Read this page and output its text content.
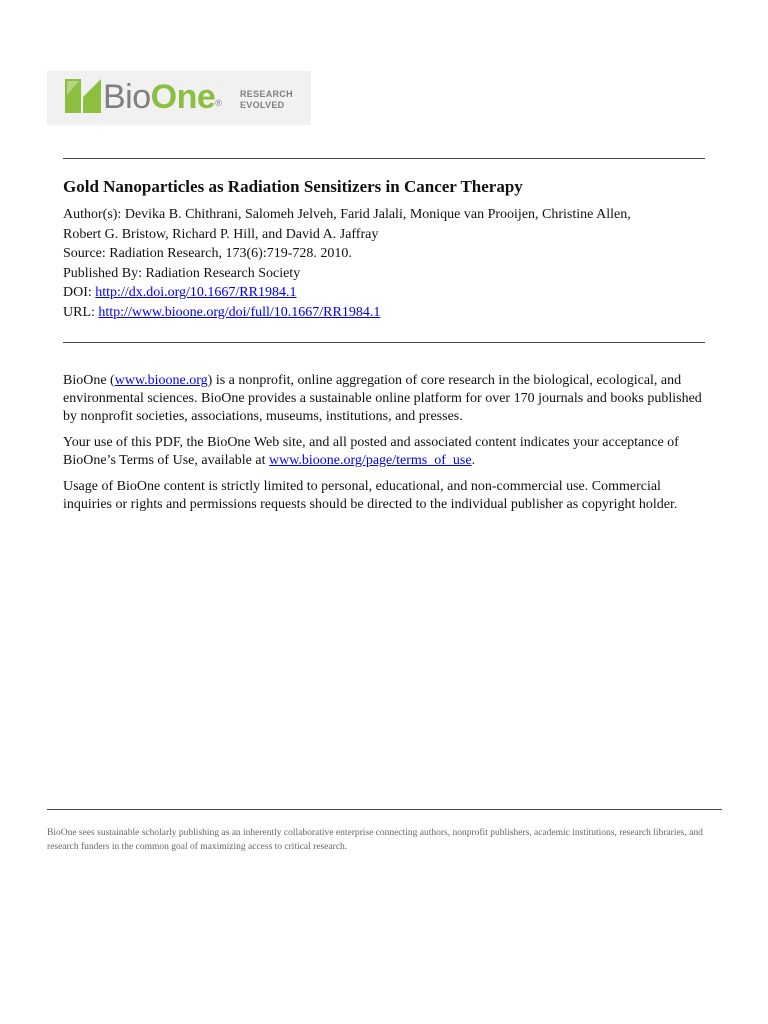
BioOne®
RESEARCH
EVOLVED
Gold Nanoparticles as Radiation Sensitizers in Cancer Therapy
Author(s): Devika B. Chithrani, Salomeh Jelveh, Farid Jalali, Monique van Prooijen, Christine Allen,
Robert G. Bristow, Richard P. Hill, and David A. Jaffray
Source: Radiation Research, 173(6):719-728. 2010.
Published By: Radiation Research Society
DOI: http://dx.doi.org/10.1667/RR1984.1
URL: http://www.bioone.org/doi/full/10.1667/RR1984.1

BioOne (www.bioone.org) is a nonprofit, online aggregation of core research in the biological, ecological, and environmental sciences. BioOne provides a sustainable online platform for over 170 journals and books published by nonprofit societies, associations, museums, institutions, and presses.

Your use of this PDF, the BioOne Web site, and all posted and associated content indicates your acceptance of BioOne’s Terms of Use, available at www.bioone.org/page/terms_of_use.

Usage of BioOne content is strictly limited to personal, educational, and non-commercial use. Commercial inquiries or rights and permissions requests should be directed to the individual publisher as copyright holder.

BioOne sees sustainable scholarly publishing as an inherently collaborative enterprise connecting authors, nonprofit publishers, academic institutions, research libraries, and research funders in the common goal of maximizing access to critical research.
